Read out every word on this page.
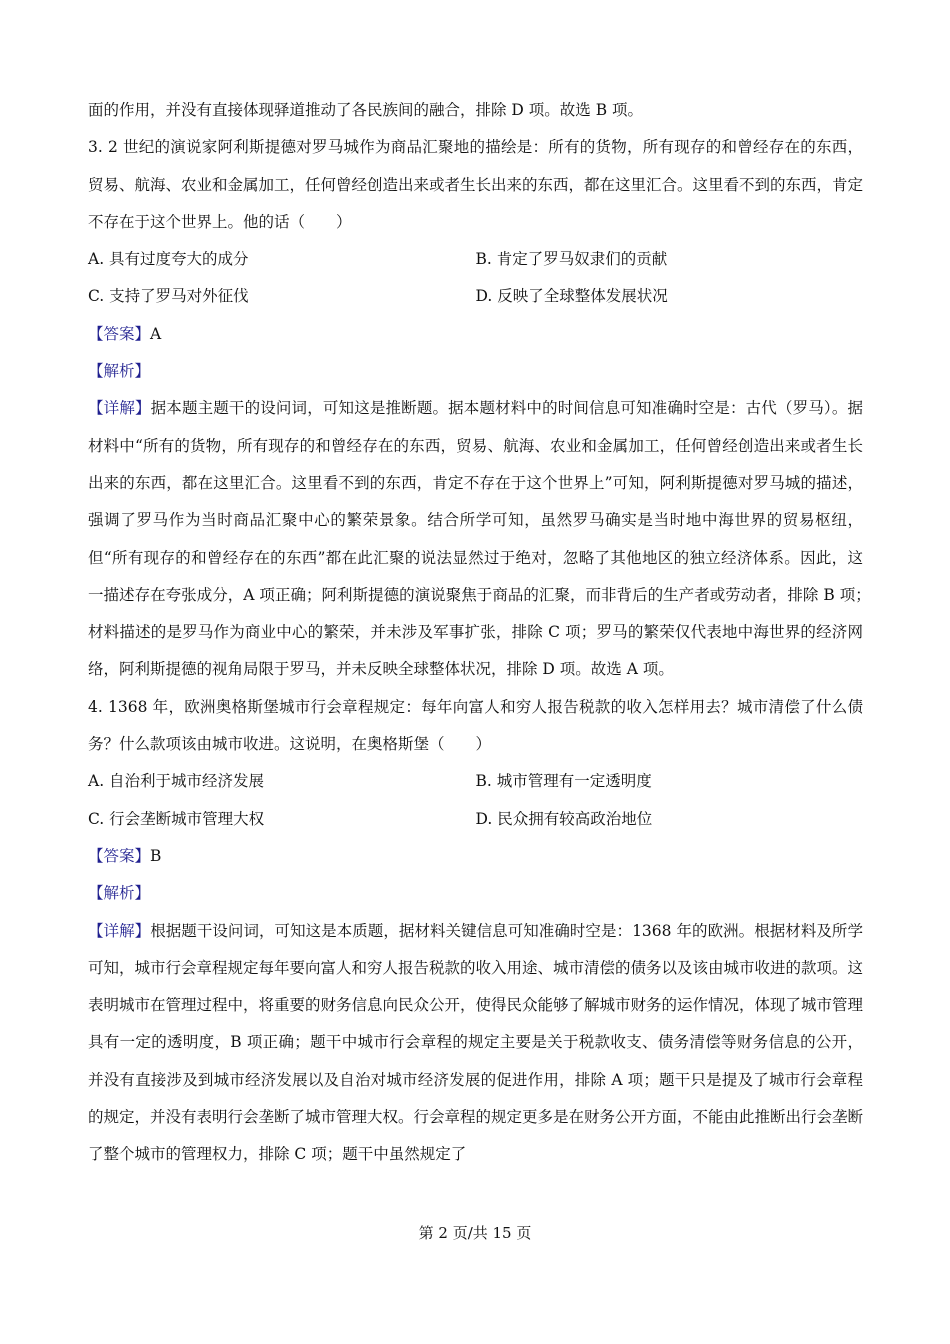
面的作用，并没有直接体现驿道推动了各民族间的融合，排除 D 项。故选 B 项。

3. 2 世纪的演说家阿利斯提德对罗马城作为商品汇聚地的描绘是：所有的货物，所有现存的和曾经存在的东西，贸易、航海、农业和金属加工，任何曾经创造出来或者生长出来的东西，都在这里汇合。这里看不到的东西，肯定不存在于这个世界上。他的话（　　）

A. 具有过度夸大的成分	B. 肯定了罗马奴隶们的贡献
C. 支持了罗马对外征伐	D. 反映了全球整体发展状况

【答案】A

【解析】

【详解】据本题主题干的设问词，可知这是推断题。据本题材料中的时间信息可知准确时空是：古代（罗马）。据材料中“所有的货物，所有现存的和曾经存在的东西，贸易、航海、农业和金属加工，任何曾经创造出来或者生长出来的东西，都在这里汇合。这里看不到的东西，肯定不存在于这个世界上”可知，阿利斯提德对罗马城的描述，强调了罗马作为当时商品汇聚中心的繁荣景象。结合所学可知，虽然罗马确实是当时地中海世界的贸易枢纽，但“所有现存的和曾经存在的东西”都在此汇聚的说法显然过于绝对，忽略了其他地区的独立经济体系。因此，这一描述存在夸张成分，A 项正确；阿利斯提德的演说聚焦于商品的汇聚，而非背后的生产者或劳动者，排除 B 项；　材料描述的是罗马作为商业中心的繁荣，并未涉及军事扩张，排除 C 项；罗马的繁荣仅代表地中海世界的经济网络，阿利斯提德的视角局限于罗马，并未反映全球整体状况，排除 D 项。故选 A 项。

4. 1368 年，欧洲奥格斯堡城市行会章程规定：每年向富人和穷人报告税款的收入怎样用去？城市清偿了什么债务？什么款项该由城市收进。这说明，在奥格斯堡（　　）

A. 自治利于城市经济发展	B. 城市管理有一定透明度
C. 行会垄断城市管理大权	D. 民众拥有较高政治地位

【答案】B

【解析】

【详解】根据题干设问词，可知这是本质题，据材料关键信息可知准确时空是：1368 年的欧洲。根据材料及所学可知，城市行会章程规定每年要向富人和穷人报告税款的收入用途、城市清偿的债务以及该由城市收进的款项。这表明城市在管理过程中，将重要的财务信息向民众公开，使得民众能够了解城市财务的运作情况，体现了城市管理具有一定的透明度，B 项正确；题干中城市行会章程的规定主要是关于税款收支、债务清偿等财务信息的公开，并没有直接涉及到城市经济发展以及自治对城市经济发展的促进作用，排除 A 项；题干只是提及了城市行会章程的规定，并没有表明行会垄断了城市管理大权。行会章程的规定更多是在财务公开方面，不能由此推断出行会垄断了整个城市的管理权力，排除 C 项；题干中虽然规定了

第 2 页/共 15 页
